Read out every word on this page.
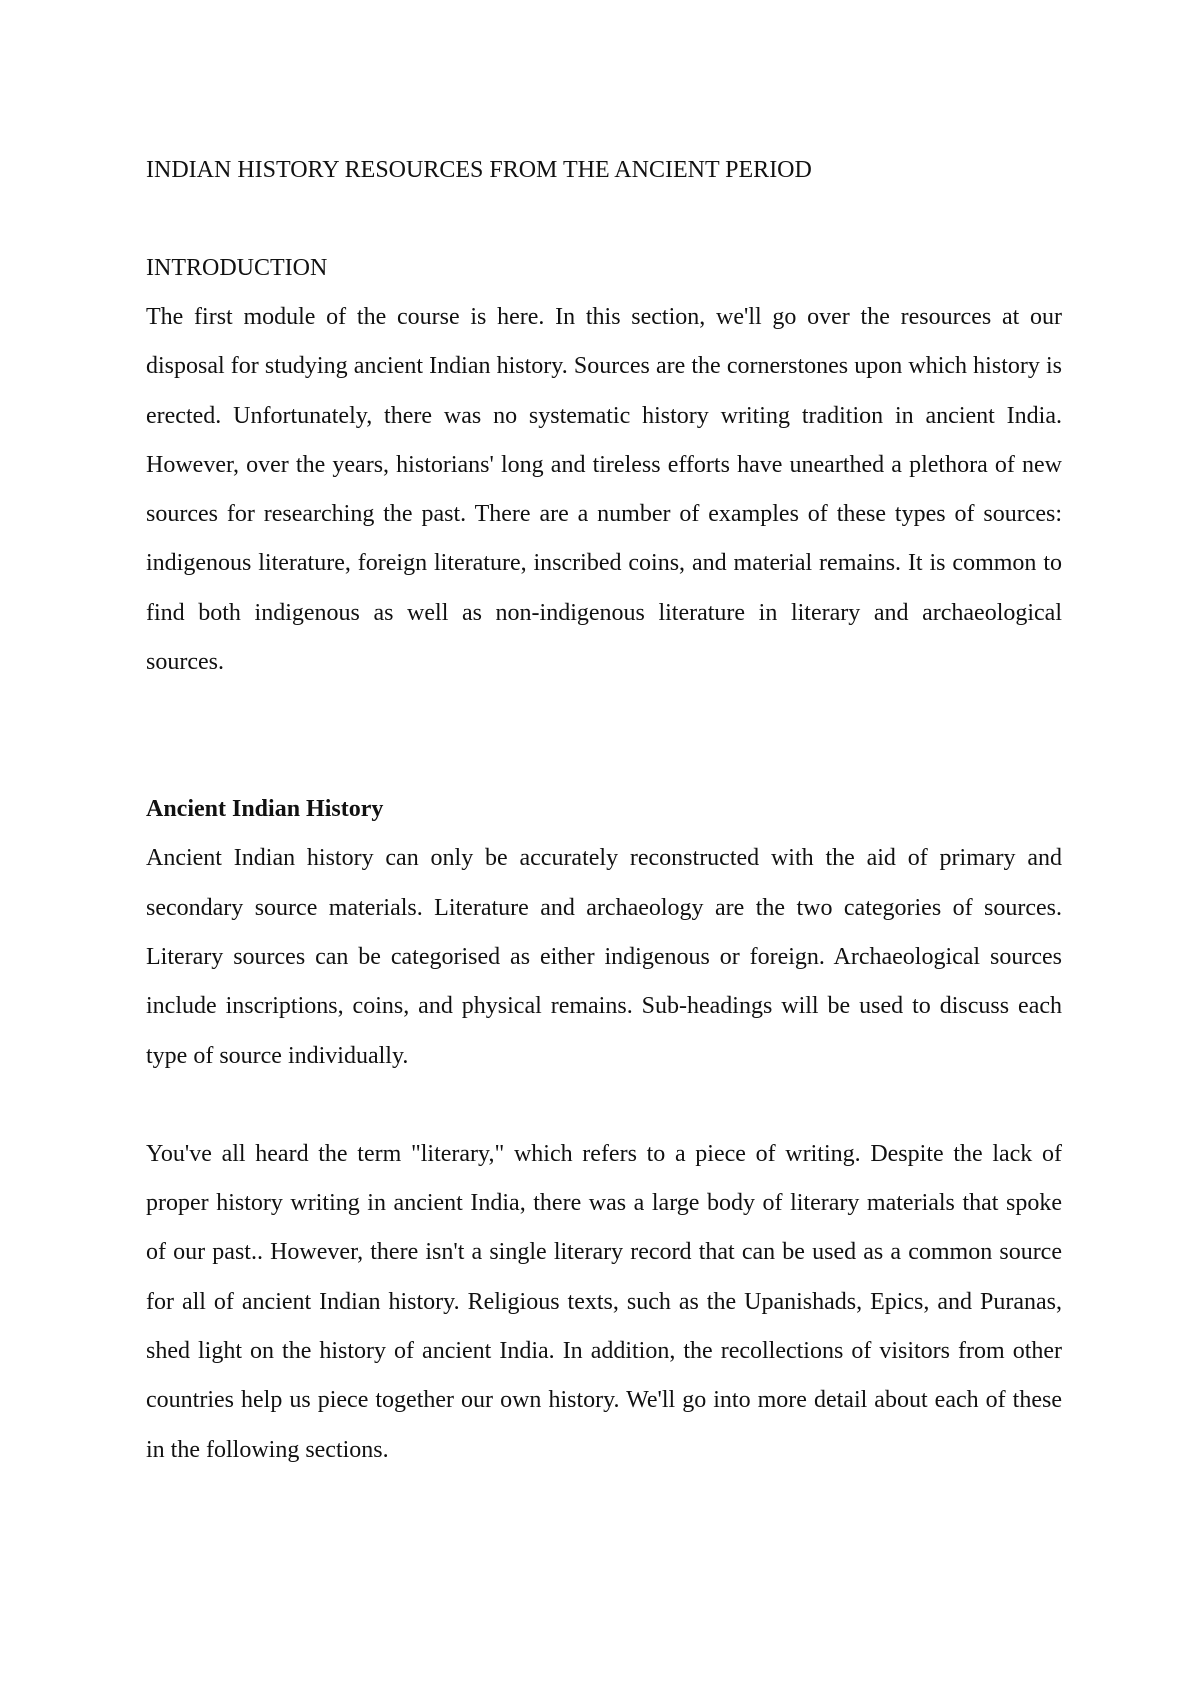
INDIAN HISTORY RESOURCES FROM THE ANCIENT PERIOD
INTRODUCTION

The first module of the course is here. In this section, we'll go over the resources at our disposal for studying ancient Indian history. Sources are the cornerstones upon which history is erected. Unfortunately, there was no systematic history writing tradition in ancient India. However, over the years, historians' long and tireless efforts have unearthed a plethora of new sources for researching the past. There are a number of examples of these types of sources: indigenous literature, foreign literature, inscribed coins, and material remains. It is common to find both indigenous as well as non-indigenous literature in literary and archaeological sources.

Ancient Indian History

Ancient Indian history can only be accurately reconstructed with the aid of primary and secondary source materials. Literature and archaeology are the two categories of sources. Literary sources can be categorised as either indigenous or foreign. Archaeological sources include inscriptions, coins, and physical remains. Sub-headings will be used to discuss each type of source individually.

You've all heard the term "literary," which refers to a piece of writing. Despite the lack of proper history writing in ancient India, there was a large body of literary materials that spoke of our past.. However, there isn't a single literary record that can be used as a common source for all of ancient Indian history. Religious texts, such as the Upanishads, Epics, and Puranas, shed light on the history of ancient India. In addition, the recollections of visitors from other countries help us piece together our own history. We'll go into more detail about each of these in the following sections.
